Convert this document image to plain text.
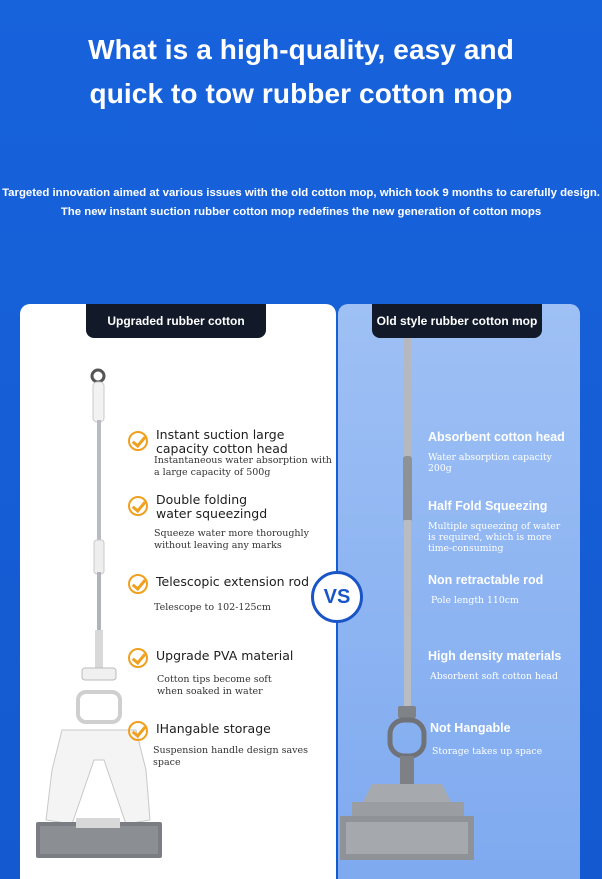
What is a high-quality, easy and
quick to tow rubber cotton mop
Targeted innovation aimed at various issues with the old cotton mop, which took 9 months to carefully design.
The new instant suction rubber cotton mop redefines the new generation of cotton mops
Upgraded rubber cotton	Old style rubber cotton mop
Instant suction large capacity cotton head
Instantaneous water absorption with a large capacity of 500g
Double folding water squeezingd
Squeeze water more thoroughly without leaving any marks
Telescopic extension rod
Telescope to 102-125cm
Upgrade PVA material
Cotton tips become soft when soaked in water
IHangable storage
Suspension handle design saves space
Absorbent cotton head
Water absorption capacity 200g
Half Fold Squeezing
Multiple squeezing of water is required, which is more time-consuming
Non retractable rod
Pole length 110cm
High density materials
Absorbent soft cotton head
Not Hangable
Storage takes up space
VS
